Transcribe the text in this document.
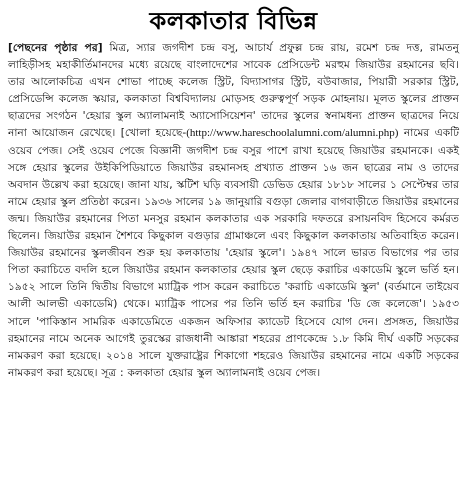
কলকাতার বিভিন্ন

[পেছনের পৃষ্ঠার পর] মিত্র, স্যার জগদীশ চন্দ্র বসু, আচার্য প্রফুল্ল চন্দ্র রায়, রমেশ চন্দ্র দত্ত, রামতনু লাহিড়ীসহ মহাকীর্তিমানদের মধ্যে রয়েছে বাংলাদেশের সাবেক প্রেসিডেন্ট মরহুম জিয়াউর রহমানের ছবি। তার আলোকচিত্র এখন শোভা পাচ্ছে কলেজ স্ট্রিট, বিদ্যাসাগর স্ট্রিট, বউবাজার, পিয়ারী সরকার স্ট্রিট, প্রেসিডেন্সি কলেজ স্কয়ার, কলকাতা বিশ্ববিদ্যালয় মোড়সহ গুরুত্বপূর্ণ সড়ক মোহনায়। মূলত স্কুলের প্রাক্তন ছাত্রদের সংগঠন 'হেয়ার স্কুল অ্যালামনাই অ্যাসোসিয়েশন' তাদের স্কুলের স্বনামধন্য প্রাক্তন ছাত্রদের নিয়ে নানা আয়োজন রেখেছে। [খোলা হয়েছে-(http://www.hareschoolalumni.com/alumni.php) নামের একটি ওয়েব পেজ। সেই ওয়েব পেজে বিজ্ঞানী জগদীশ চন্দ্র বসুর পাশে রাখা হয়েছে জিয়াউর রহমানকে। একই সঙ্গে হেয়ার স্কুলের উইকিপিডিয়াতে জিয়াউর রহমানসহ প্রখ্যাত প্রাক্তন ১৬ জন ছাত্রের নাম ও তাদের অবদান উল্লেখ করা হয়েছে। জানা যায়, স্কটিশ ঘড়ি ব্যবসায়ী ডেভিড হেয়ার ১৮১৮ সালের ১ সেপ্টেম্বর তার নামে হেয়ার স্কুল প্রতিষ্ঠা করেন। ১৯৩৬ সালের ১৯ জানুয়ারি বগুড়া জেলার বাগবাড়ীতে জিয়াউর রহমানের জন্ম। জিয়াউর রহমানের পিতা মনসুর রহমান কলকাতার এক সরকারি দফতরে রসায়নবিদ হিসেবে কর্মরত ছিলেন। জিয়াউর রহমান শৈশবে কিছুকাল বগুড়ার গ্রামাঞ্চলে এবং কিছুকাল কলকাতায় অতিবাহিত করেন। জিয়াউর রহমানের স্কুলজীবন শুরু হয় কলকাতায় 'হেয়ার স্কুলে'। ১৯৪৭ সালে ভারত বিভাগের পর তার পিতা করাচিতে বদলি হলে জিয়াউর রহমান কলকাতার হেয়ার স্কুল ছেড়ে করাচির একাডেমি স্কুলে ভর্তি হন। ১৯৫২ সালে তিনি দ্বিতীয় বিভাগে ম্যাট্রিক পাস করেন করাচিতে 'করাচি একাডেমি স্কুল' (বর্তমানে তাইয়েব আলী আলভী একাডেমি) থেকে। ম্যাট্রিক পাসের পর তিনি ভর্তি হন করাচির 'ডি জে কলেজে'। ১৯৫৩ সালে 'পাকিস্তান সামরিক একাডেমিতে একজন অফিসার ক্যাডেট হিসেবে যোগ দেন। প্রসঙ্গত, জিয়াউর রহমানের নামে অনেক আগেই তুরস্কের রাজধানী আঙ্কারা শহরের প্রাণকেন্দ্রে ১.৮ কিমি দীর্ঘ একটি সড়কের নামকরণ করা হয়েছে। ২০১৪ সালে যুক্তরাষ্ট্রের শিকাগো শহরেও জিয়াউর রহমানের নামে একটি সড়কের নামকরণ করা হয়েছে। সূত্র : কলকাতা হেয়ার স্কুল অ্যালামনাই ওয়েব পেজ।
